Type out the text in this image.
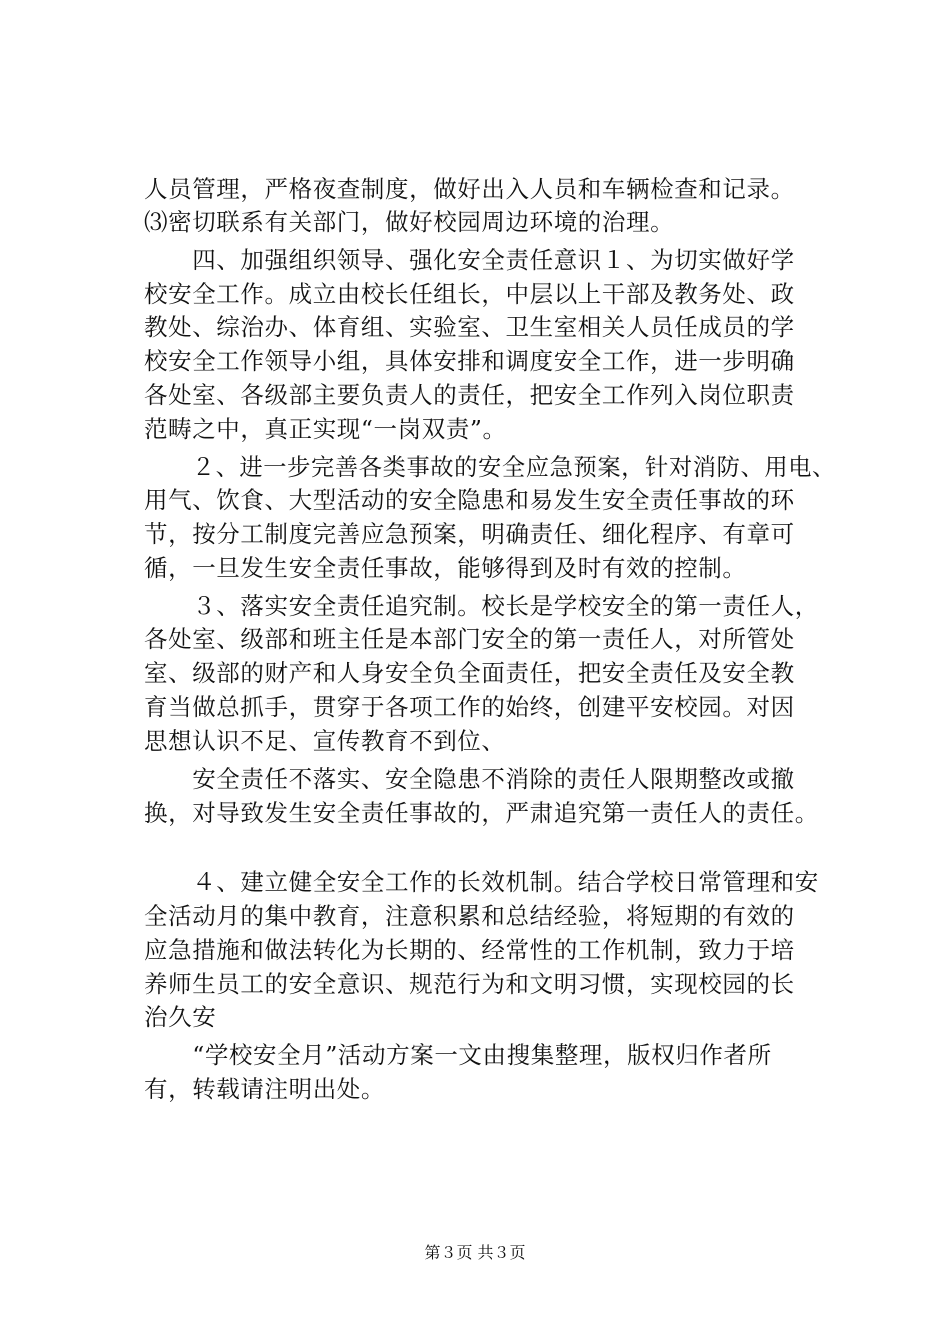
人员管理，严格夜查制度，做好出入人员和车辆检查和记录。
⑶密切联系有关部门，做好校园周边环境的治理。
　　四、加强组织领导、强化安全责任意识１、为切实做好学
校安全工作。成立由校长任组长，中层以上干部及教务处、政
教处、综治办、体育组、实验室、卫生室相关人员任成员的学
校安全工作领导小组，具体安排和调度安全工作，进一步明确
各处室、各级部主要负责人的责任，把安全工作列入岗位职责
范畴之中，真正实现“一岗双责”。
　　２、进一步完善各类事故的安全应急预案，针对消防、用电、
用气、饮食、大型活动的安全隐患和易发生安全责任事故的环
节，按分工制度完善应急预案，明确责任、细化程序、有章可
循，一旦发生安全责任事故，能够得到及时有效的控制。
　　３、落实安全责任追究制。校长是学校安全的第一责任人，
各处室、级部和班主任是本部门安全的第一责任人，对所管处
室、级部的财产和人身安全负全面责任，把安全责任及安全教
育当做总抓手，贯穿于各项工作的始终，创建平安校园。对因
思想认识不足、宣传教育不到位、
　　安全责任不落实、安全隐患不消除的责任人限期整改或撤
换，对导致发生安全责任事故的，严肃追究第一责任人的责任。
　　４、建立健全安全工作的长效机制。结合学校日常管理和安
全活动月的集中教育，注意积累和总结经验，将短期的有效的
应急措施和做法转化为长期的、经常性的工作机制，致力于培
养师生员工的安全意识、规范行为和文明习惯，实现校园的长
治久安
　　“学校安全月”活动方案一文由搜集整理，版权归作者所
有，转载请注明出处。
第３页 共３页
